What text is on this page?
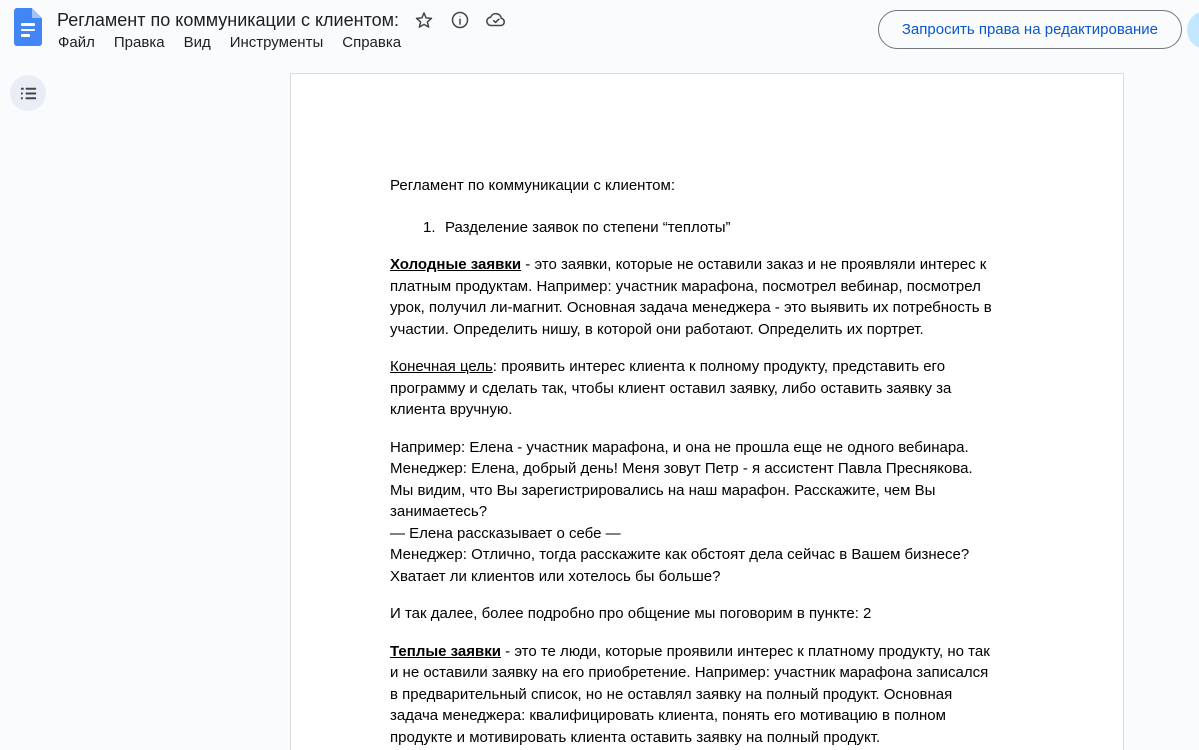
Регламент по коммуникации с клиентом:
Файл Правка Вид Инструменты Справка
Запросить права на редактирование
Регламент по коммуникации с клиентом:
1. Разделение заявок по степени “теплоты”
Холодные заявки - это заявки, которые не оставили заказ и не проявляли интерес к
платным продуктам. Например: участник марафона, посмотрел вебинар, посмотрел
урок, получил ли-магнит. Основная задача менеджера - это выявить их потребность в
участии. Определить нишу, в которой они работают. Определить их портрет.
Конечная цель: проявить интерес клиента к полному продукту, представить его
программу и сделать так, чтобы клиент оставил заявку, либо оставить заявку за
клиента вручную.
Например: Елена - участник марафона, и она не прошла еще не одного вебинара.
Менеджер: Елена, добрый день! Меня зовут Петр - я ассистент Павла Преснякова.
Мы видим, что Вы зарегистрировались на наш марафон. Расскажите, чем Вы
занимаетесь?
— Елена рассказывает о себе —
Менеджер: Отлично, тогда расскажите как обстоят дела сейчас в Вашем бизнесе?
Хватает ли клиентов или хотелось бы больше?
И так далее, более подробно про общение мы поговорим в пункте: 2
Теплые заявки - это те люди, которые проявили интерес к платному продукту, но так
и не оставили заявку на его приобретение. Например: участник марафона записался
в предварительный список, но не оставлял заявку на полный продукт. Основная
задача менеджера: квалифицировать клиента, понять его мотивацию в полном
продукте и мотивировать клиента оставить заявку на полный продукт.
